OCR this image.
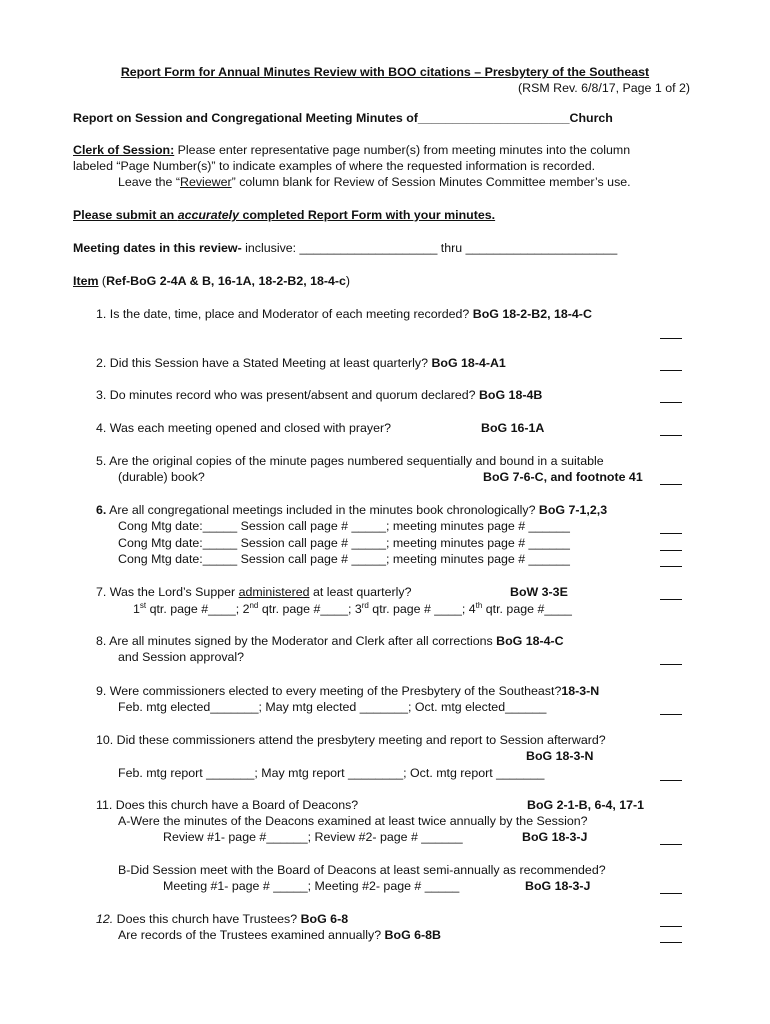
Report Form for Annual Minutes Review with BOO citations – Presbytery of the Southeast
(RSM Rev. 6/8/17, Page 1 of 2)
Report on Session and Congregational Meeting Minutes of______________________Church
Clerk of Session: Please enter representative page number(s) from meeting minutes into the column
labeled “Page Number(s)” to indicate examples of where the requested information is recorded.
Leave the “Reviewer” column blank for Review of Session Minutes Committee member’s use.
Please submit an accurately completed Report Form with your minutes.
Meeting dates in this review- inclusive: ____________________ thru ______________________
Item (Ref-BoG 2-4A & B, 16-1A, 18-2-B2, 18-4-c)
1. Is the date, time, place and Moderator of each meeting recorded? BoG 18-2-B2, 18-4-C
2. Did this Session have a Stated Meeting at least quarterly? BoG 18-4-A1
3. Do minutes record who was present/absent and quorum declared? BoG 18-4B
4. Was each meeting opened and closed with prayer?	BoG 16-1A
5. Are the original copies of the minute pages numbered sequentially and bound in a suitable
(durable) book?	BoG 7-6-C, and footnote 41
6. Are all congregational meetings included in the minutes book chronologically? BoG 7-1,2,3
Cong Mtg date:_____ Session call page # _____; meeting minutes page # ______
Cong Mtg date:_____ Session call page # _____; meeting minutes page # ______
Cong Mtg date:_____ Session call page # _____; meeting minutes page # ______
7. Was the Lord’s Supper administered at least quarterly?	BoW 3-3E
1st qtr. page #____; 2nd qtr. page #____; 3rd qtr. page # ____; 4th qtr. page #____
8. Are all minutes signed by the Moderator and Clerk after all corrections BoG 18-4-C
and Session approval?
9. Were commissioners elected to every meeting of the Presbytery of the Southeast?18-3-N
Feb. mtg elected_______; May mtg elected _______; Oct. mtg elected______
10. Did these commissioners attend the presbytery meeting and report to Session afterward?
BoG 18-3-N
Feb. mtg report _______; May mtg report ________; Oct. mtg report _______
11. Does this church have a Board of Deacons?	BoG 2-1-B, 6-4, 17-1
A-Were the minutes of the Deacons examined at least twice annually by the Session?
Review #1- page #______; Review #2- page # ______	BoG 18-3-J
B-Did Session meet with the Board of Deacons at least semi-annually as recommended?
Meeting #1- page # _____; Meeting #2- page # _____	BoG 18-3-J
12. Does this church have Trustees? BoG 6-8
Are records of the Trustees examined annually? BoG 6-8B
